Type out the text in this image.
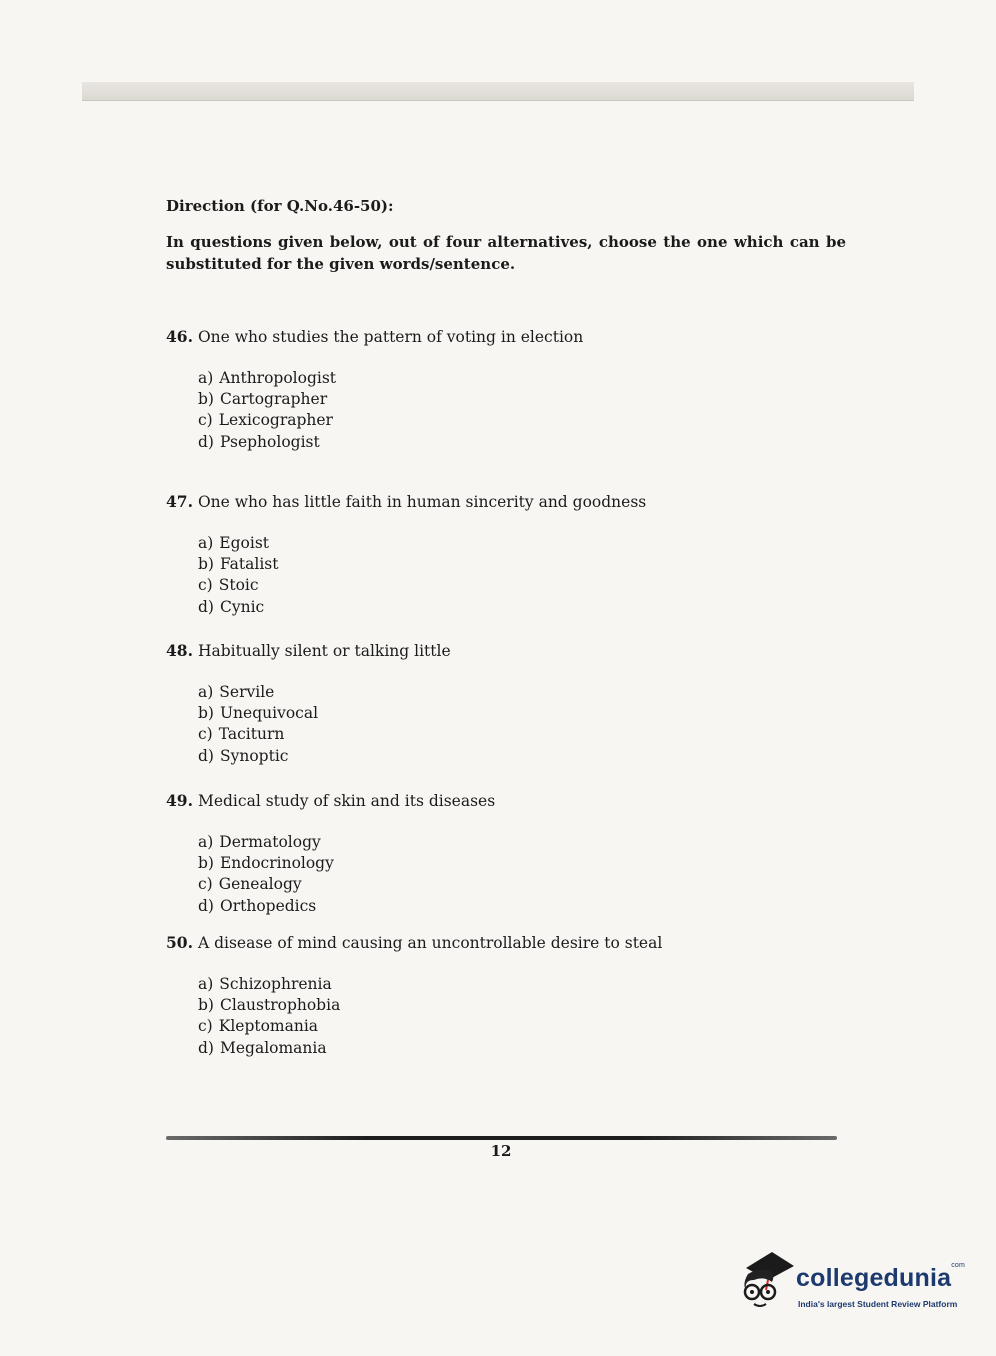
Direction (for Q.No.46-50):

In questions given below, out of four alternatives, choose the one which can be substituted for the given words/sentence.

46. One who studies the pattern of voting in election

a) Anthropologist
b) Cartographer
c) Lexicographer
d) Psephologist

47. One who has little faith in human sincerity and goodness

a) Egoist
b) Fatalist
c) Stoic
d) Cynic

48. Habitually silent or talking little

a) Servile
b) Unequivocal
c) Taciturn
d) Synoptic

49. Medical study of skin and its diseases

a) Dermatology
b) Endocrinology
c) Genealogy
d) Orthopedics

50. A disease of mind causing an uncontrollable desire to steal

a) Schizophrenia
b) Claustrophobia
c) Kleptomania
d) Megalomania

12

collegedunia$^{com}$

India's largest Student Review Platform
